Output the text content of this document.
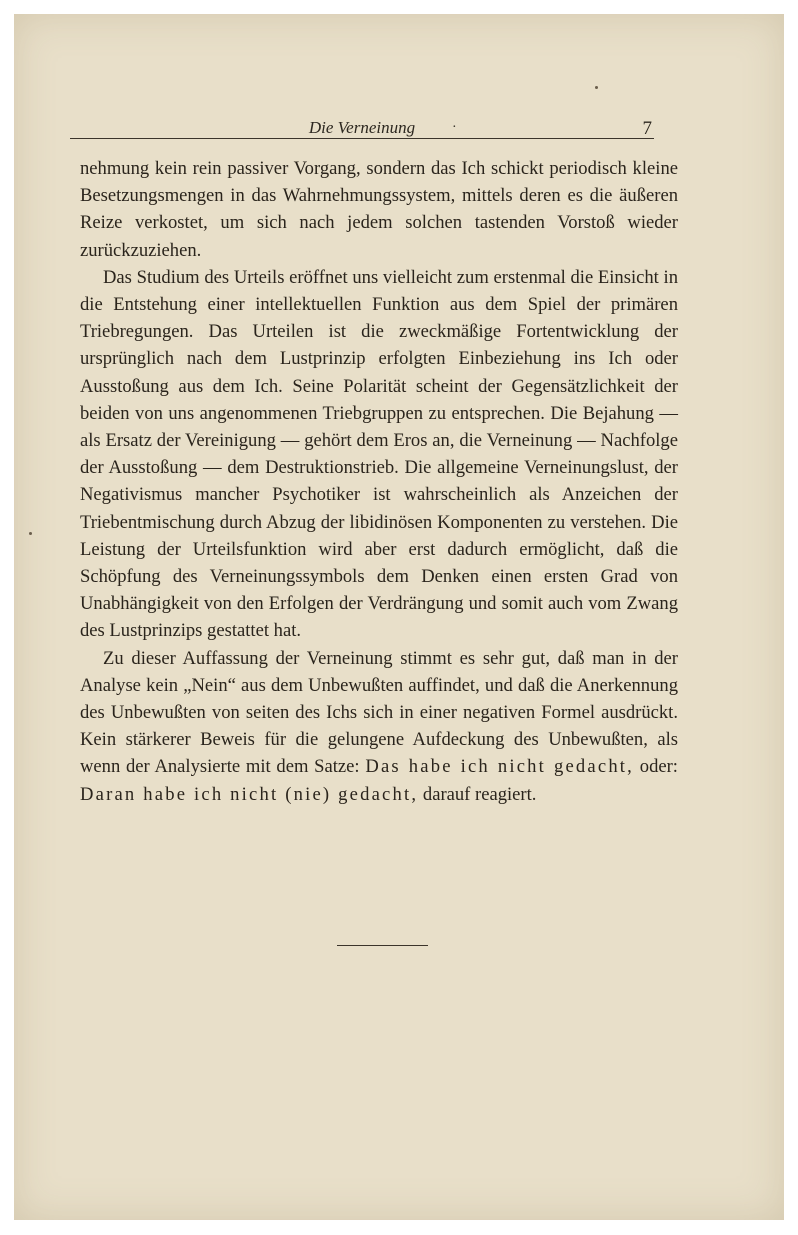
Die Verneinung	·	7

nehmung kein rein passiver Vorgang, sondern das Ich schickt periodisch kleine Besetzungsmengen in das Wahrnehmungssystem, mittels deren es die äußeren Reize verkostet, um sich nach jedem solchen tastenden Vorstoß wieder zurückzuziehen.

Das Studium des Urteils eröffnet uns vielleicht zum erstenmal die Einsicht in die Entstehung einer intellektuellen Funktion aus dem Spiel der primären Triebregungen. Das Urteilen ist die zweckmäßige Fortentwicklung der ursprünglich nach dem Lustprinzip erfolgten Einbeziehung ins Ich oder Ausstoßung aus dem Ich. Seine Polarität scheint der Gegensätzlichkeit der beiden von uns angenommenen Triebgruppen zu entsprechen. Die Bejahung — als Ersatz der Vereinigung — gehört dem Eros an, die Verneinung — Nachfolge der Ausstoßung — dem Destruktionstrieb. Die allgemeine Verneinungslust, der Negativismus mancher Psychotiker ist wahrscheinlich als Anzeichen der Triebentmischung durch Abzug der libidinösen Komponenten zu verstehen. Die Leistung der Urteilsfunktion wird aber erst dadurch ermöglicht, daß die Schöpfung des Verneinungssymbols dem Denken einen ersten Grad von Unabhängigkeit von den Erfolgen der Verdrängung und somit auch vom Zwang des Lustprinzips gestattet hat.

Zu dieser Auffassung der Verneinung stimmt es sehr gut, daß man in der Analyse kein „Nein“ aus dem Unbewußten auffindet, und daß die Anerkennung des Unbewußten von seiten des Ichs sich in einer negativen Formel ausdrückt. Kein stärkerer Beweis für die gelungene Aufdeckung des Unbewußten, als wenn der Analysierte mit dem Satze: Das habe ich nicht gedacht, oder: Daran habe ich nicht (nie) gedacht, darauf reagiert.
